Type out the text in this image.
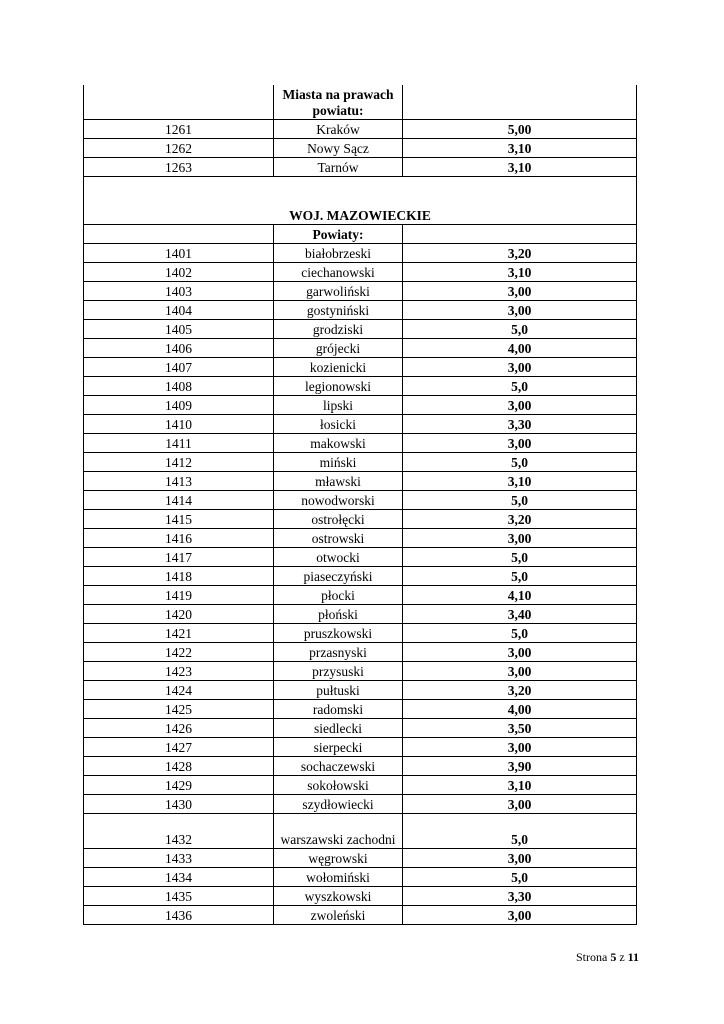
	Miasta na prawach powiatu:	
1261	Kraków	5,00
1262	Nowy Sącz	3,10
1263	Tarnów	3,10
WOJ. MAZOWIECKIE		
	Powiaty:	
1401	białobrzeski	3,20
1402	ciechanowski	3,10
1403	garwoliński	3,00
1404	gostyniński	3,00
1405	grodziski	5,0
1406	grójecki	4,00
1407	kozienicki	3,00
1408	legionowski	5,0
1409	lipski	3,00
1410	łosicki	3,30
1411	makowski	3,00
1412	miński	5,0
1413	mławski	3,10
1414	nowodworski	5,0
1415	ostrołęcki	3,20
1416	ostrowski	3,00
1417	otwocki	5,0
1418	piaseczyński	5,0
1419	płocki	4,10
1420	płoński	3,40
1421	pruszkowski	5,0
1422	przasnyski	3,00
1423	przysuski	3,00
1424	pułtuski	3,20
1425	radomski	4,00
1426	siedlecki	3,50
1427	sierpecki	3,00
1428	sochaczewski	3,90
1429	sokołowski	3,10
1430	szydłowiecki	3,00
1432	warszawski zachodni	5,0
1433	węgrowski	3,00
1434	wołomiński	5,0
1435	wyszkowski	3,30
1436	zwoleński	3,00
Strona 5 z 11
